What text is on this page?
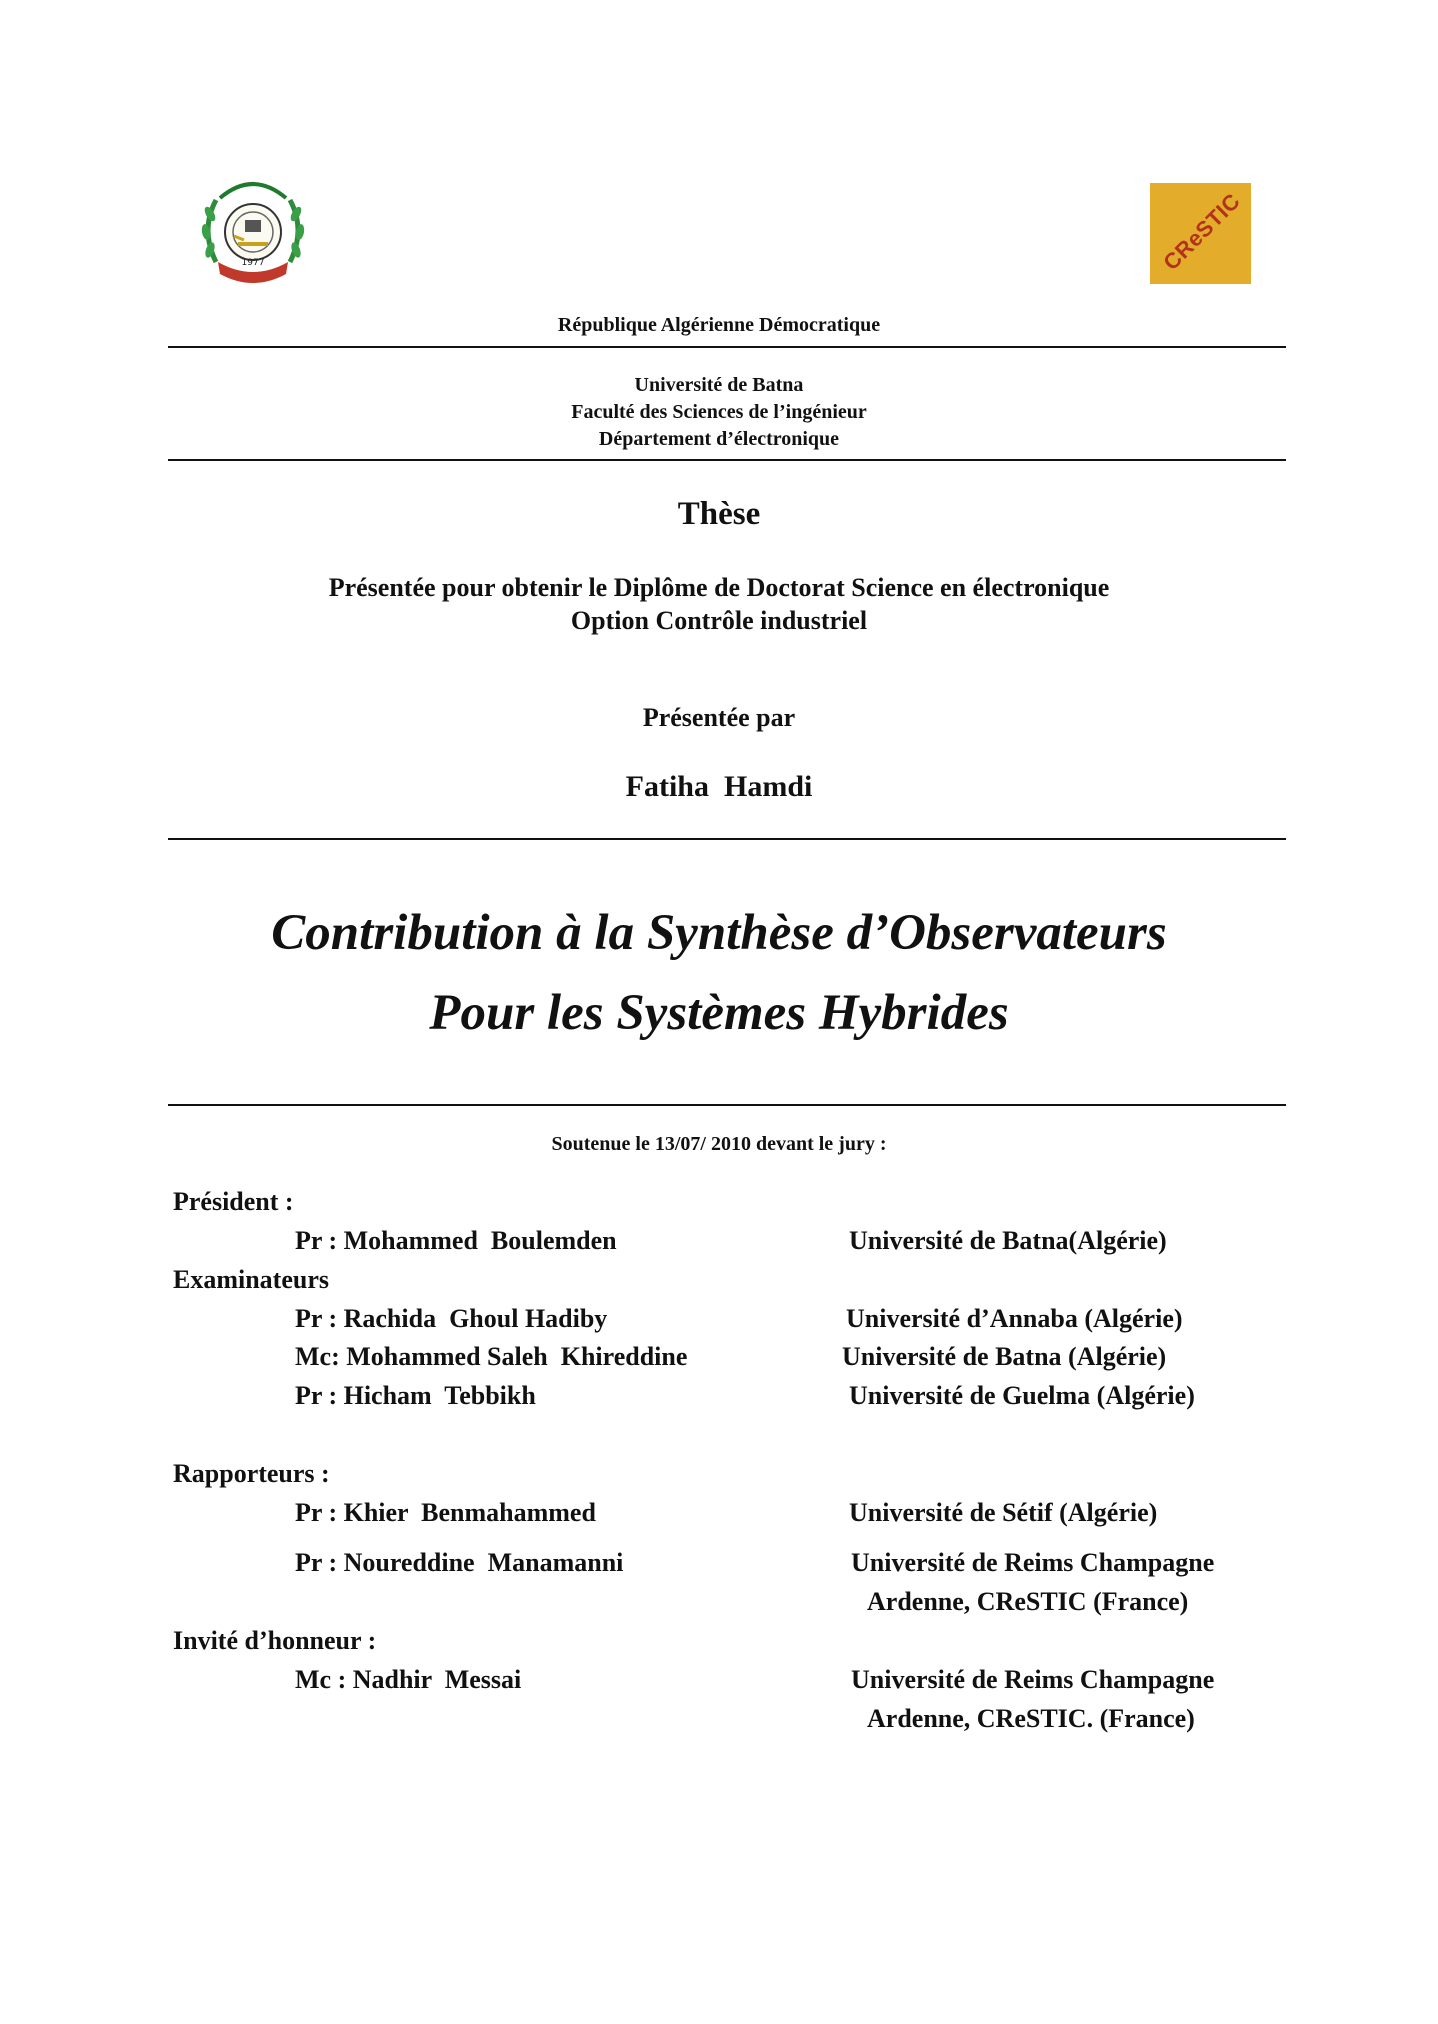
1977	CReSTIC
République Algérienne Démocratique
Université de Batna
Faculté des Sciences de l’ingénieur
Département d’électronique
Thèse
Présentée pour obtenir le Diplôme de Doctorat Science en électronique
Option Contrôle industriel
Présentée par
Fatiha  Hamdi
Contribution à la Synthèse d’Observateurs
Pour les Systèmes Hybrides
Soutenue le 13/07/ 2010 devant le jury :
Président :
Pr : Mohammed  Boulemden	Université de Batna(Algérie)
Examinateurs
Pr : Rachida  Ghoul Hadiby	Université d’Annaba (Algérie)
Mc: Mohammed Saleh  Khireddine	Université de Batna (Algérie)
Pr : Hicham  Tebbikh	Université de Guelma (Algérie)
Rapporteurs :
Pr : Khier  Benmahammed	Université de Sétif (Algérie)
Pr : Noureddine  Manamanni	Université de Reims Champagne
Ardenne, CReSTIC (France)
Invité d’honneur :
Mc : Nadhir  Messai	Université de Reims Champagne
Ardenne, CReSTIC. (France)
